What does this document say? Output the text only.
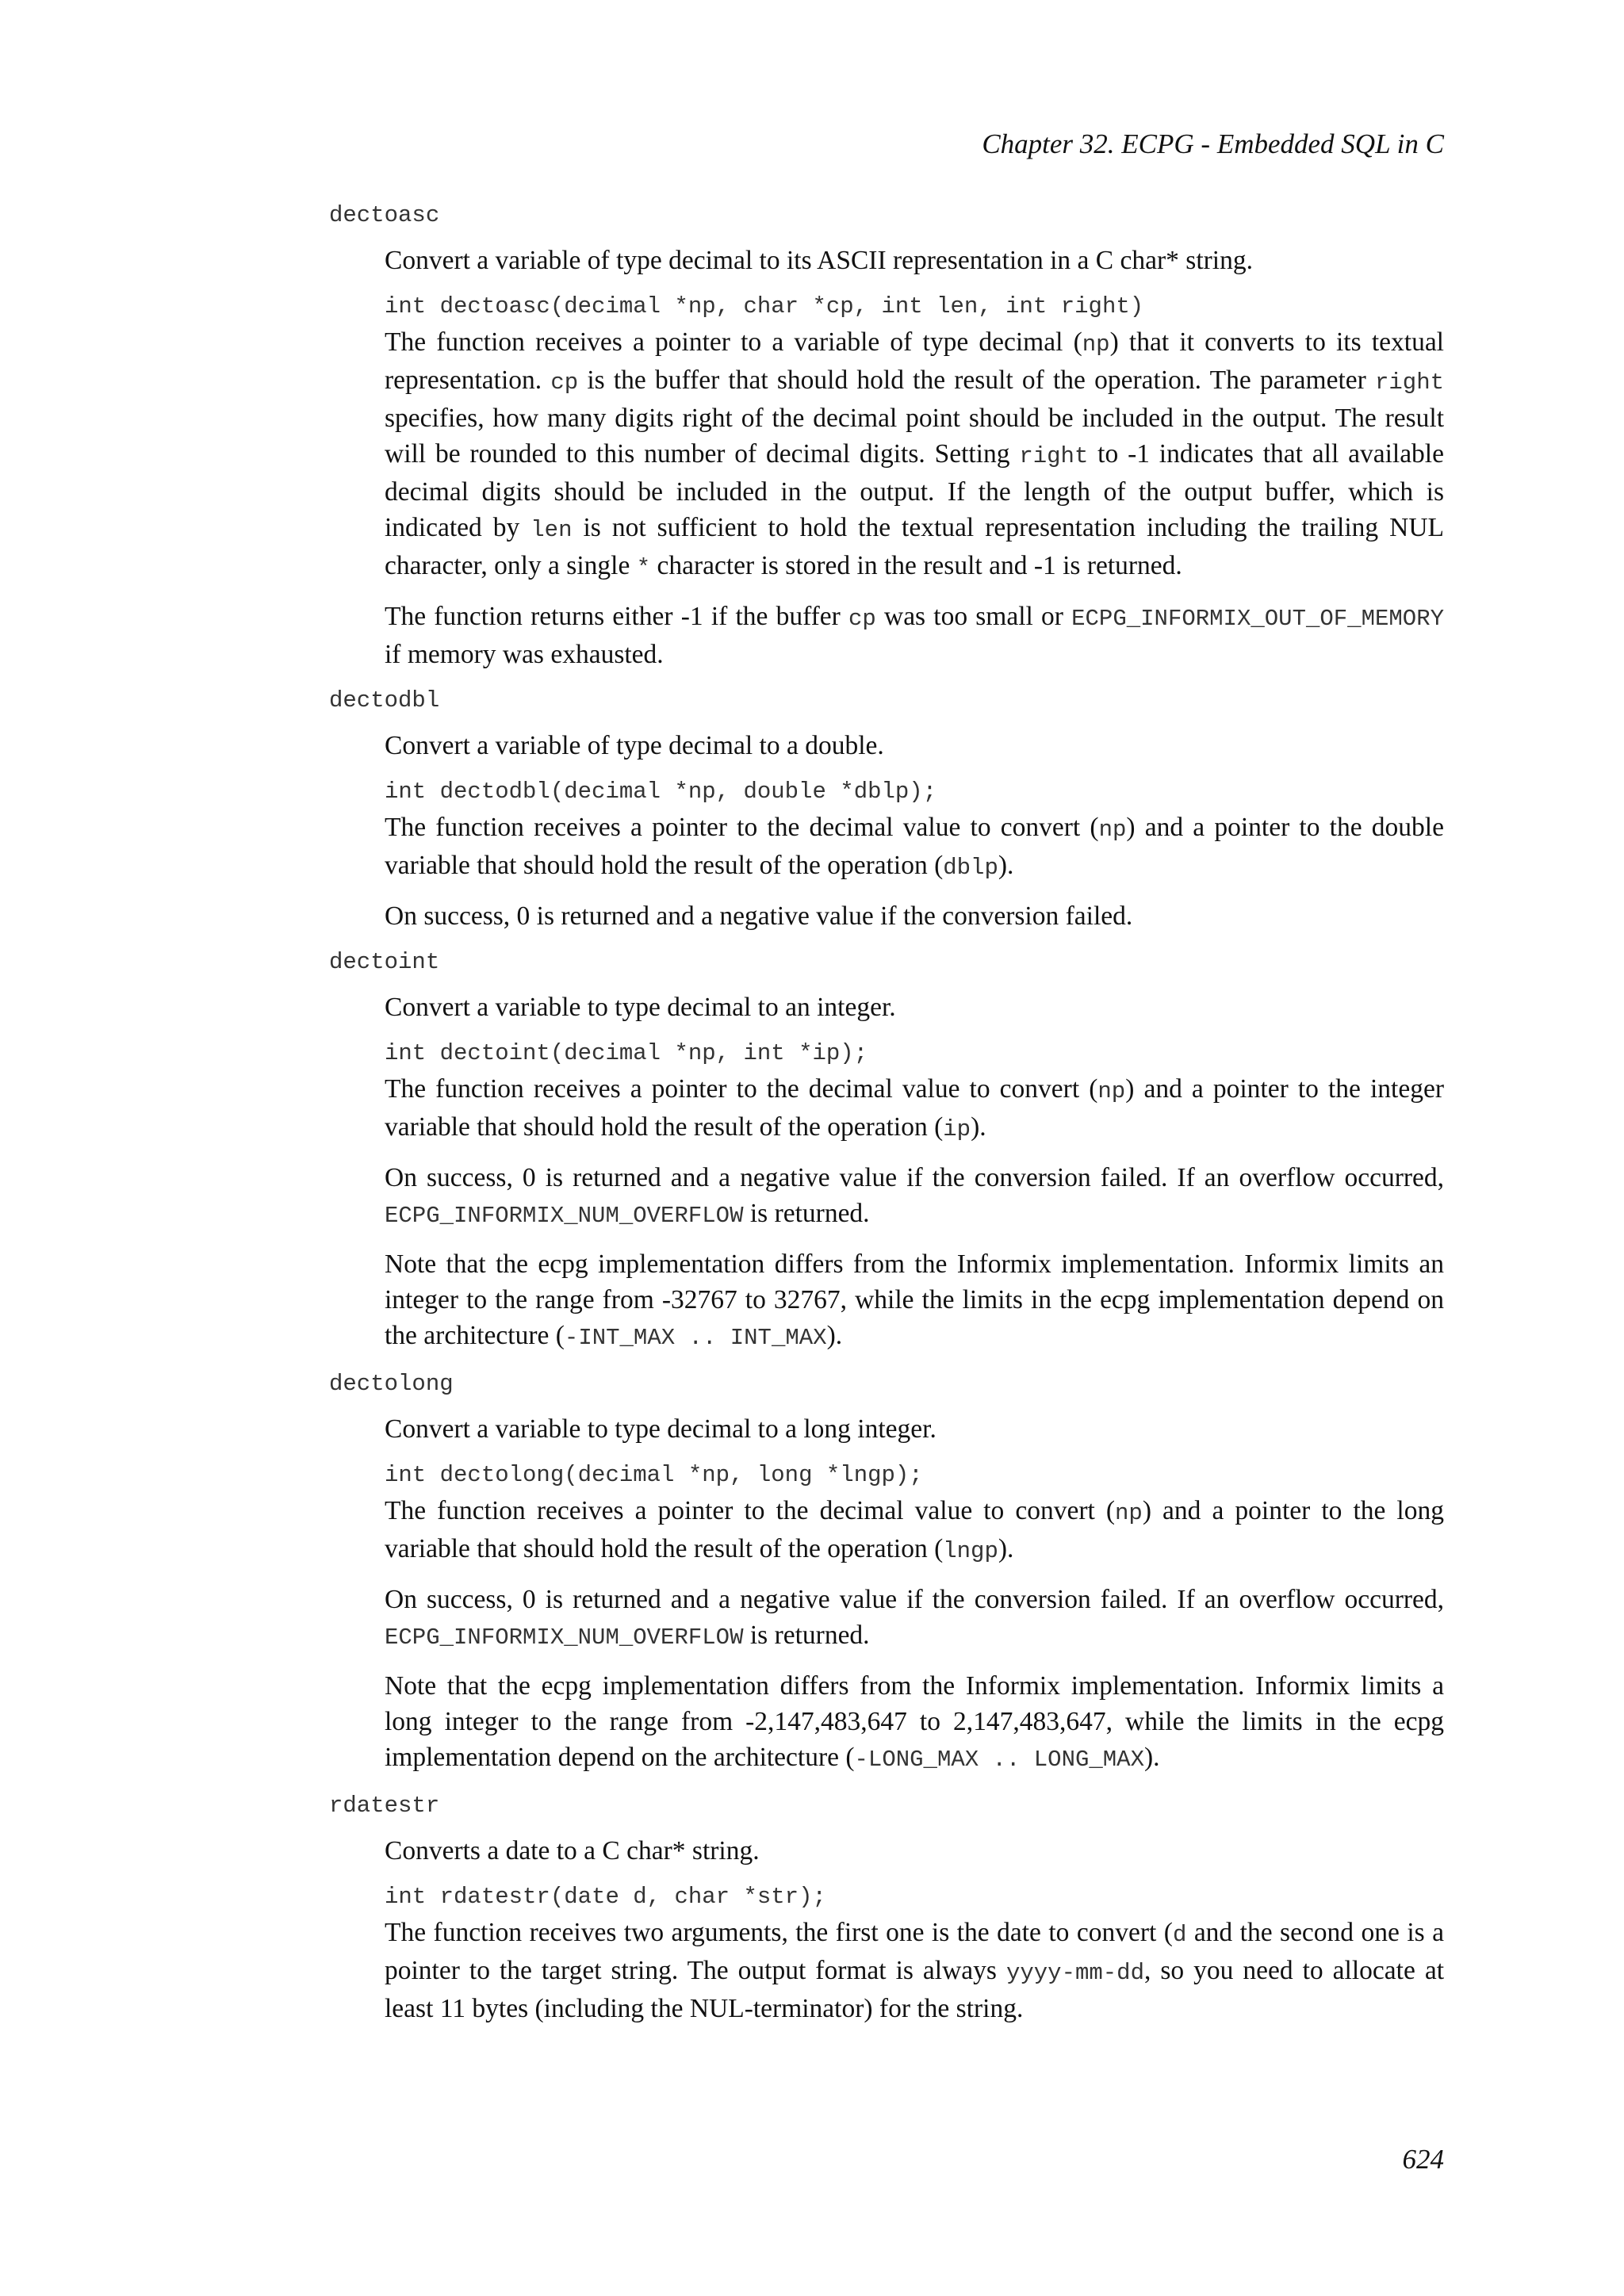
Chapter 32. ECPG - Embedded SQL in C
dectoasc

Convert a variable of type decimal to its ASCII representation in a C char* string.

int dectoasc(decimal *np, char *cp, int len, int right)

The function receives a pointer to a variable of type decimal (np) that it converts to its textual representation. cp is the buffer that should hold the result of the operation. The parameter right specifies, how many digits right of the decimal point should be included in the output. The result will be rounded to this number of decimal digits. Setting right to -1 indicates that all available decimal digits should be included in the output. If the length of the output buffer, which is indicated by len is not sufficient to hold the textual representation including the trailing NUL character, only a single * character is stored in the result and -1 is returned.

The function returns either -1 if the buffer cp was too small or ECPG_INFORMIX_OUT_OF_MEMORY if memory was exhausted.

dectodbl

Convert a variable of type decimal to a double.

int dectodbl(decimal *np, double *dblp);

The function receives a pointer to the decimal value to convert (np) and a pointer to the double variable that should hold the result of the operation (dblp).

On success, 0 is returned and a negative value if the conversion failed.

dectoint

Convert a variable to type decimal to an integer.

int dectoint(decimal *np, int *ip);

The function receives a pointer to the decimal value to convert (np) and a pointer to the integer variable that should hold the result of the operation (ip).

On success, 0 is returned and a negative value if the conversion failed. If an overflow occurred, ECPG_INFORMIX_NUM_OVERFLOW is returned.

Note that the ecpg implementation differs from the Informix implementation. Informix limits an integer to the range from -32767 to 32767, while the limits in the ecpg implementation depend on the architecture (-INT_MAX .. INT_MAX).

dectolong

Convert a variable to type decimal to a long integer.

int dectolong(decimal *np, long *lngp);

The function receives a pointer to the decimal value to convert (np) and a pointer to the long variable that should hold the result of the operation (lngp).

On success, 0 is returned and a negative value if the conversion failed. If an overflow occurred, ECPG_INFORMIX_NUM_OVERFLOW is returned.

Note that the ecpg implementation differs from the Informix implementation. Informix limits a long integer to the range from -2,147,483,647 to 2,147,483,647, while the limits in the ecpg implementation depend on the architecture (-LONG_MAX .. LONG_MAX).

rdatestr

Converts a date to a C char* string.

int rdatestr(date d, char *str);

The function receives two arguments, the first one is the date to convert (d and the second one is a pointer to the target string. The output format is always yyyy-mm-dd, so you need to allocate at least 11 bytes (including the NUL-terminator) for the string.

624
